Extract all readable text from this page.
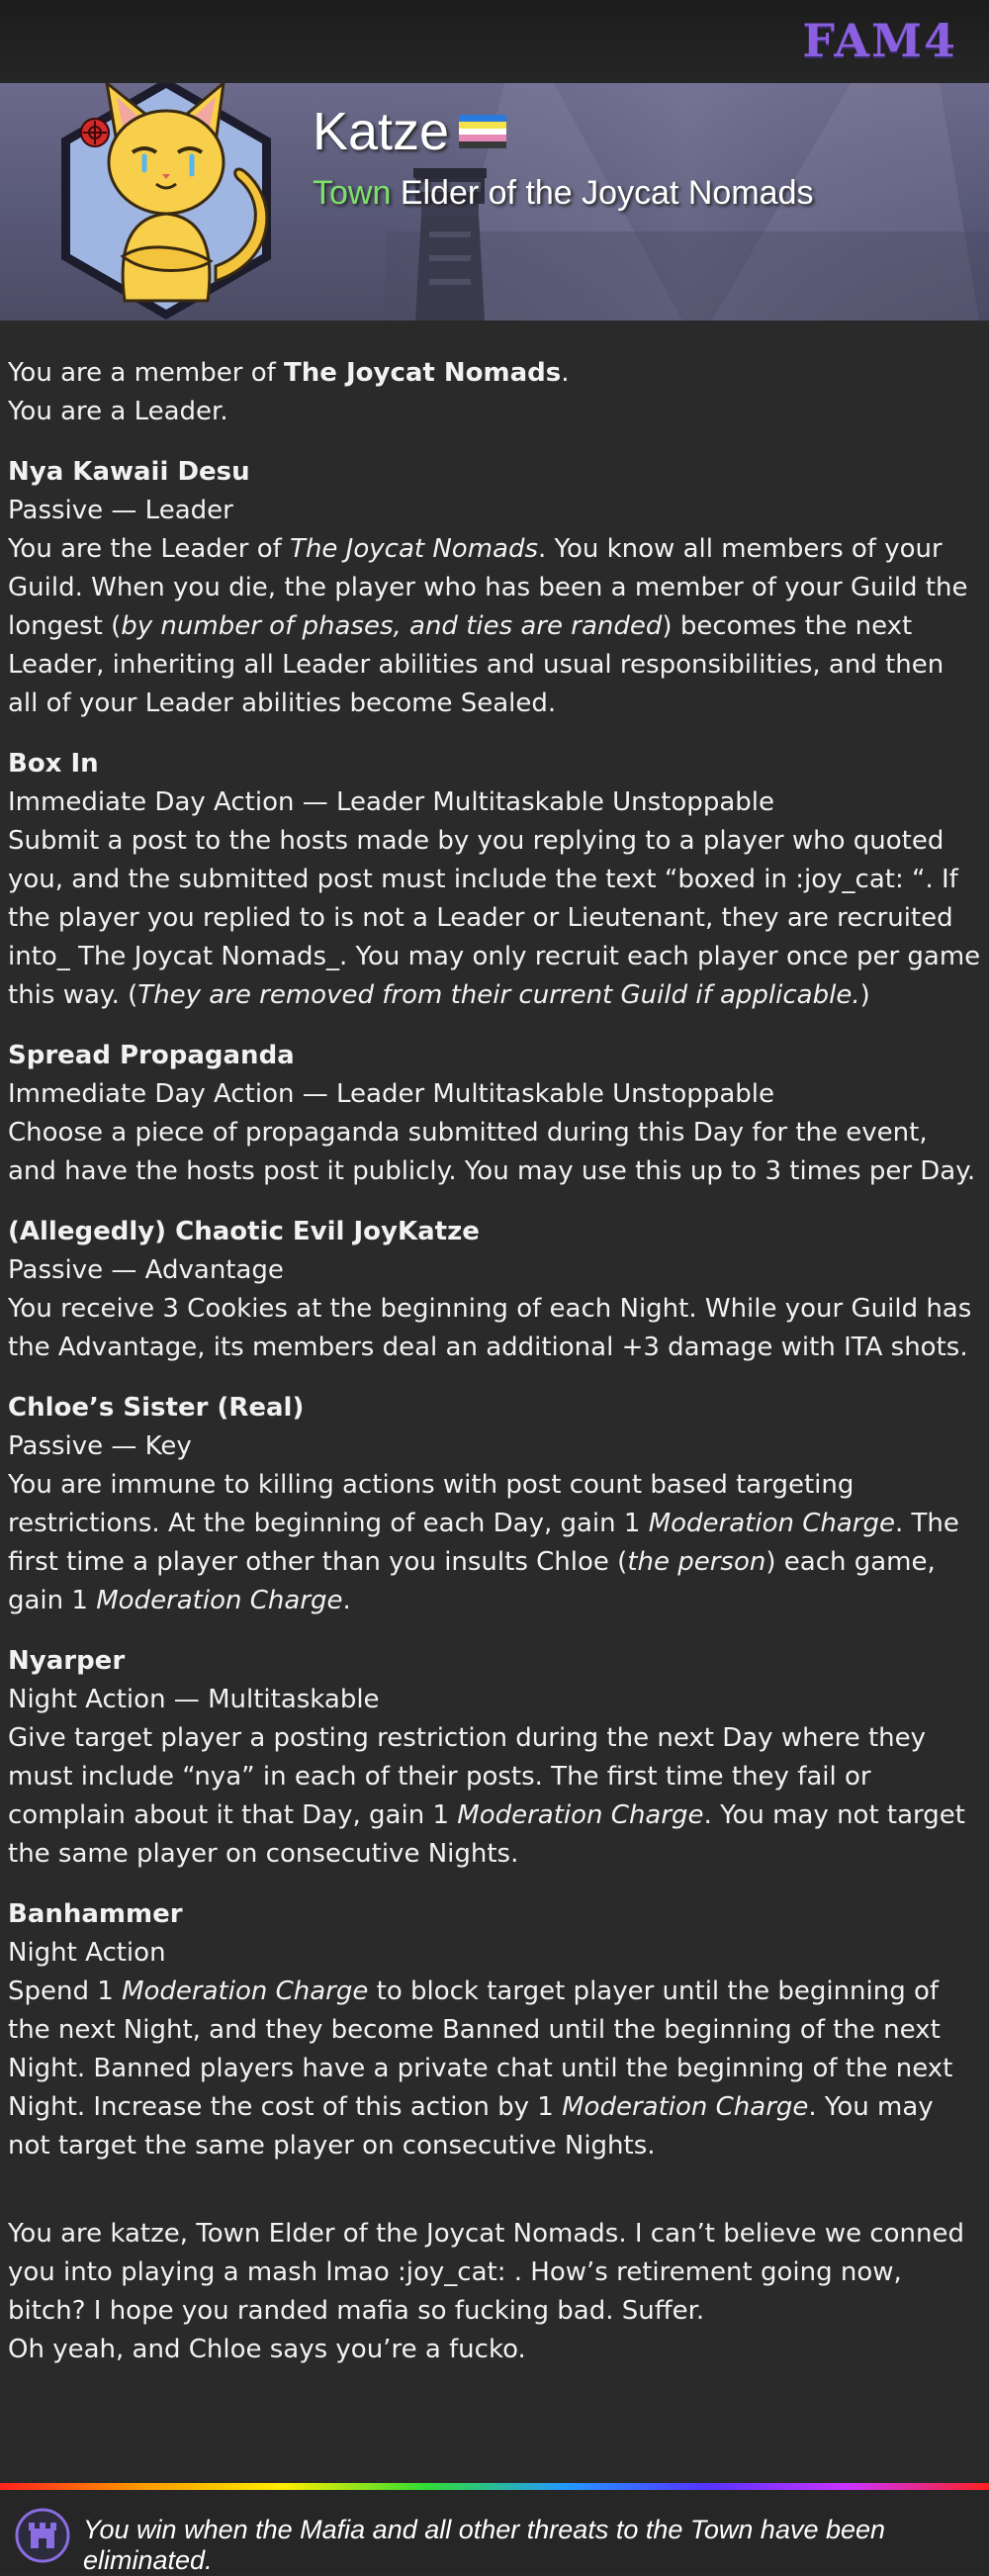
FAM4
Katze
Town Elder of the Joycat Nomads

You are a member of The Joycat Nomads.

You are a Leader.

Nya Kawaii Desu

Passive — Leader

You are the Leader of The Joycat Nomads. You know all members of your Guild. When you die, the player who has been a member of your Guild the longest (by number of phases, and ties are randed) becomes the next Leader, inheriting all Leader abilities and usual responsibilities, and then all of your Leader abilities become Sealed.

Box In

Immediate Day Action — Leader Multitaskable Unstoppable

Submit a post to the hosts made by you replying to a player who quoted you, and the submitted post must include the text “boxed in :joy_cat: “. If the player you replied to is not a Leader or Lieutenant, they are recruited into_ The Joycat Nomads_. You may only recruit each player once per game this way. (They are removed from their current Guild if applicable.)

Spread Propaganda

Immediate Day Action — Leader Multitaskable Unstoppable

Choose a piece of propaganda submitted during this Day for the event, and have the hosts post it publicly. You may use this up to 3 times per Day.

(Allegedly) Chaotic Evil JoyKatze

Passive — Advantage

You receive 3 Cookies at the beginning of each Night. While your Guild has the Advantage, its members deal an additional +3 damage with ITA shots.

Chloe’s Sister (Real)

Passive — Key

You are immune to killing actions with post count based targeting restrictions. At the beginning of each Day, gain 1 Moderation Charge. The first time a player other than you insults Chloe (the person) each game, gain 1 Moderation Charge.

Nyarper

Night Action — Multitaskable

Give target player a posting restriction during the next Day where they must include “nya” in each of their posts. The first time they fail or complain about it that Day, gain 1 Moderation Charge. You may not target the same player on consecutive Nights.

Banhammer

Night Action

Spend 1 Moderation Charge to block target player until the beginning of the next Night, and they become Banned until the beginning of the next Night. Banned players have a private chat until the beginning of the next Night. Increase the cost of this action by 1 Moderation Charge. You may not target the same player on consecutive Nights.

You are katze, Town Elder of the Joycat Nomads. I can’t believe we conned you into playing a mash lmao :joy_cat: . How’s retirement going now, bitch? I hope you randed mafia so fucking bad. Suffer.

Oh yeah, and Chloe says you’re a fucko.

You win when the Mafia and all other threats to the Town have been eliminated.
